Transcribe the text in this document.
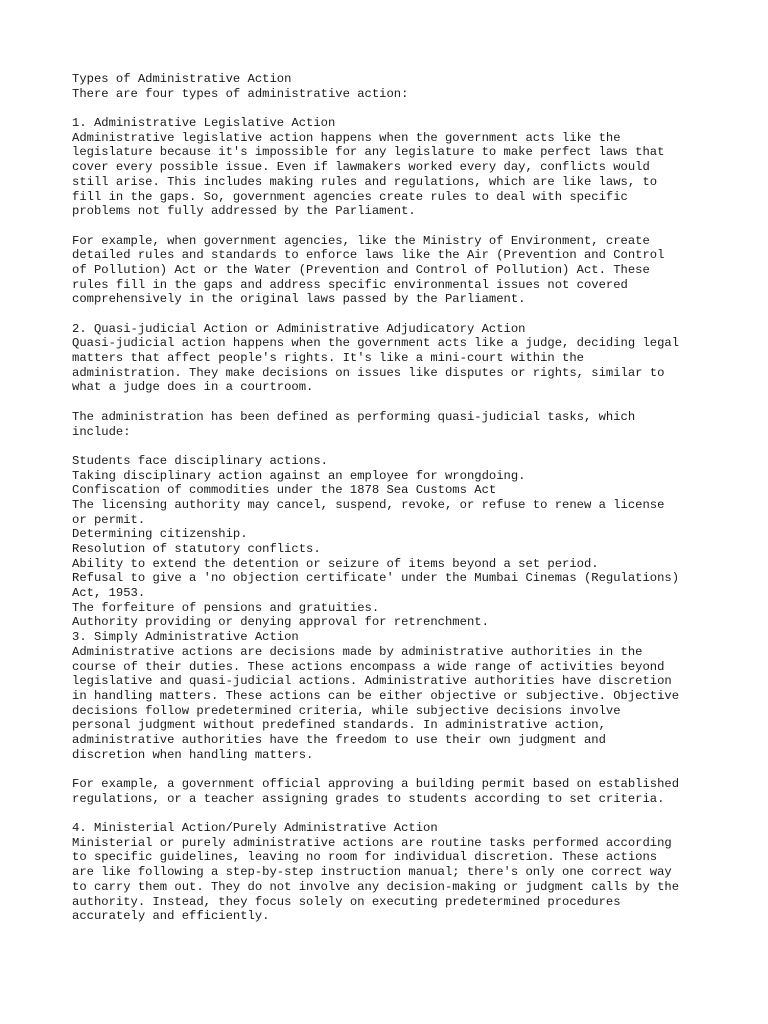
Types of Administrative Action
There are four types of administrative action:
1. Administrative Legislative Action
Administrative legislative action happens when the government acts like the
legislature because it's impossible for any legislature to make perfect laws that
cover every possible issue. Even if lawmakers worked every day, conflicts would
still arise. This includes making rules and regulations, which are like laws, to
fill in the gaps. So, government agencies create rules to deal with specific
problems not fully addressed by the Parliament.
For example, when government agencies, like the Ministry of Environment, create
detailed rules and standards to enforce laws like the Air (Prevention and Control
of Pollution) Act or the Water (Prevention and Control of Pollution) Act. These
rules fill in the gaps and address specific environmental issues not covered
comprehensively in the original laws passed by the Parliament.
2. Quasi-judicial Action or Administrative Adjudicatory Action
Quasi-judicial action happens when the government acts like a judge, deciding legal
matters that affect people's rights. It's like a mini-court within the
administration. They make decisions on issues like disputes or rights, similar to
what a judge does in a courtroom.
The administration has been defined as performing quasi-judicial tasks, which
include:
Students face disciplinary actions.
Taking disciplinary action against an employee for wrongdoing.
Confiscation of commodities under the 1878 Sea Customs Act
The licensing authority may cancel, suspend, revoke, or refuse to renew a license
or permit.
Determining citizenship.
Resolution of statutory conflicts.
Ability to extend the detention or seizure of items beyond a set period.
Refusal to give a 'no objection certificate' under the Mumbai Cinemas (Regulations)
Act, 1953.
The forfeiture of pensions and gratuities.
Authority providing or denying approval for retrenchment.
3. Simply Administrative Action
Administrative actions are decisions made by administrative authorities in the
course of their duties. These actions encompass a wide range of activities beyond
legislative and quasi-judicial actions. Administrative authorities have discretion
in handling matters. These actions can be either objective or subjective. Objective
decisions follow predetermined criteria, while subjective decisions involve
personal judgment without predefined standards. In administrative action,
administrative authorities have the freedom to use their own judgment and
discretion when handling matters.
For example, a government official approving a building permit based on established
regulations, or a teacher assigning grades to students according to set criteria.
4. Ministerial Action/Purely Administrative Action
Ministerial or purely administrative actions are routine tasks performed according
to specific guidelines, leaving no room for individual discretion. These actions
are like following a step-by-step instruction manual; there's only one correct way
to carry them out. They do not involve any decision-making or judgment calls by the
authority. Instead, they focus solely on executing predetermined procedures
accurately and efficiently.
